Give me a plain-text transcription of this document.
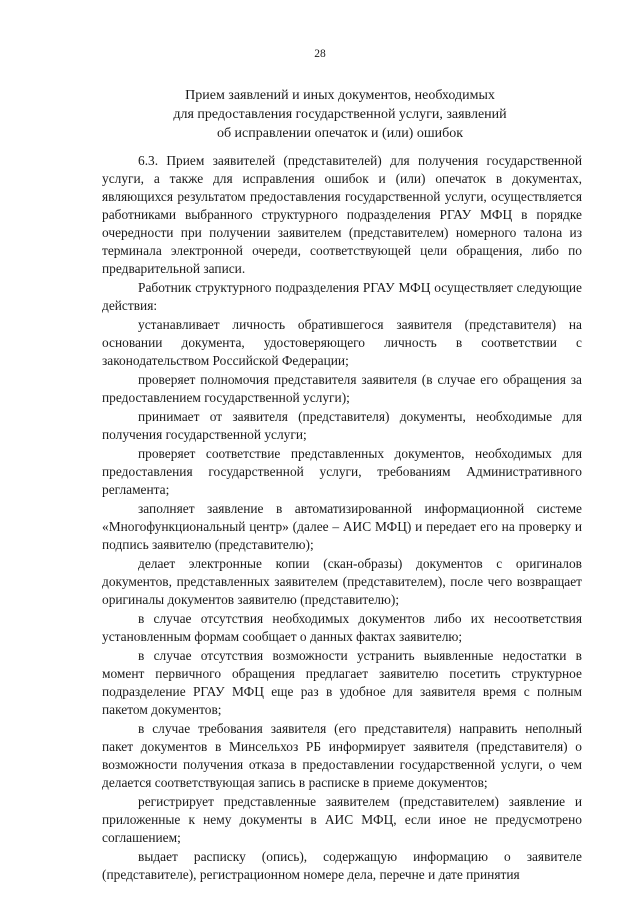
28
Прием заявлений и иных документов, необходимых
для предоставления государственной услуги, заявлений
об исправлении опечаток и (или) ошибок

6.3. Прием заявителей (представителей) для получения государственной услуги, а также для исправления ошибок и (или) опечаток в документах, являющихся результатом предоставления государственной услуги, осуществляется работниками выбранного структурного подразделения РГАУ МФЦ в порядке очередности при получении заявителем (представителем) номерного талона из терминала электронной очереди, соответствующей цели обращения, либо по предварительной записи.

Работник структурного подразделения РГАУ МФЦ осуществляет следующие действия:

устанавливает личность обратившегося заявителя (представителя) на основании документа, удостоверяющего личность в соответствии с законодательством Российской Федерации;

проверяет полномочия представителя заявителя (в случае его обращения за предоставлением государственной услуги);

принимает от заявителя (представителя) документы, необходимые для получения государственной услуги;

проверяет соответствие представленных документов, необходимых для предоставления государственной услуги, требованиям Административного регламента;

заполняет заявление в автоматизированной информационной системе «Многофункциональный центр» (далее – АИС МФЦ) и передает его на проверку и подпись заявителю (представителю);

делает электронные копии (скан-образы) документов с оригиналов документов, представленных заявителем (представителем), после чего возвращает оригиналы документов заявителю (представителю);

в случае отсутствия необходимых документов либо их несоответствия установленным формам сообщает о данных фактах заявителю;

в случае отсутствия возможности устранить выявленные недостатки в момент первичного обращения предлагает заявителю посетить структурное подразделение РГАУ МФЦ еще раз в удобное для заявителя время с полным пакетом документов;

в случае требования заявителя (его представителя) направить неполный пакет документов в Минсельхоз РБ информирует заявителя (представителя) о возможности получения отказа в предоставлении государственной услуги, о чем делается соответствующая запись в расписке в приеме документов;

регистрирует представленные заявителем (представителем) заявление и приложенные к нему документы в АИС МФЦ, если иное не предусмотрено соглашением;

выдает расписку (опись), содержащую информацию о заявителе (представителе), регистрационном номере дела, перечне и дате принятия
